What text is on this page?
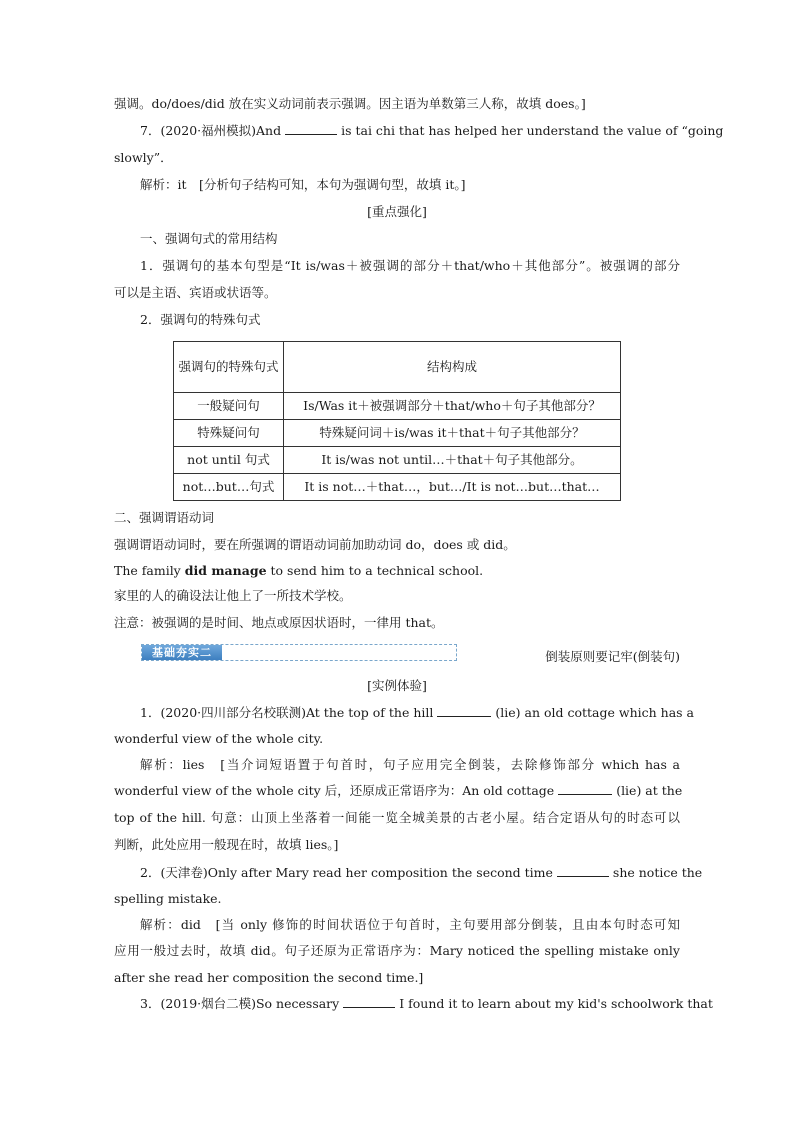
强调。do/does/did 放在实义动词前表示强调。因主语为单数第三人称，故填 does。]
7．(2020·福州模拟)And	is tai chi that has helped her understand the value of “going
slowly”．
解析：it　[分析句子结构可知，本句为强调句型，故填 it。]
[重点强化]
一、强调句式的常用结构
1．强调句的基本句型是“It is/was＋被强调的部分＋that/who＋其他部分”。被强调的部分
可以是主语、宾语或状语等。
2．强调句的特殊句式
强调句的特殊句式	结构构成
一般疑问句	Is/Was it＋被强调部分＋that/who＋句子其他部分？
特殊疑问句	特殊疑问词＋is/was it＋that＋句子其他部分？
not until 句式	It is/was not until…＋that＋句子其他部分。
not…but…句式	It is not…＋that…，but…/It is not…but…that…
二、强调谓语动词
强调谓语动词时，要在所强调的谓语动词前加助动词 do，does 或 did。
The family did manage to send him to a technical school.
家里的人的确设法让他上了一所技术学校。
注意：被强调的是时间、地点或原因状语时，一律用 that。
基础夯实二	倒装原则要记牢(倒装句)
[实例体验]
1．(2020·四川部分名校联测)At the top of the hill	(lie) an old cottage which has a
wonderful view of the whole city.
解析：lies　[当介词短语置于句首时，句子应用完全倒装，去除修饰部分 which has a
wonderful view of the whole city 后，还原成正常语序为：An old cottage	(lie) at the
top of the hill. 句意：山顶上坐落着一间能一览全城美景的古老小屋。结合定语从句的时态可以
判断，此处应用一般现在时，故填 lies。]
2．(天津卷)Only after Mary read her composition the second time	she notice the
spelling mistake.
解析：did　[当 only 修饰的时间状语位于句首时，主句要用部分倒装，且由本句时态可知
应用一般过去时，故填 did。句子还原为正常语序为：Mary noticed the spelling mistake only
after she read her composition the second time.]
3．(2019·烟台二模)So necessary	I found it to learn about my kid's schoolwork that
